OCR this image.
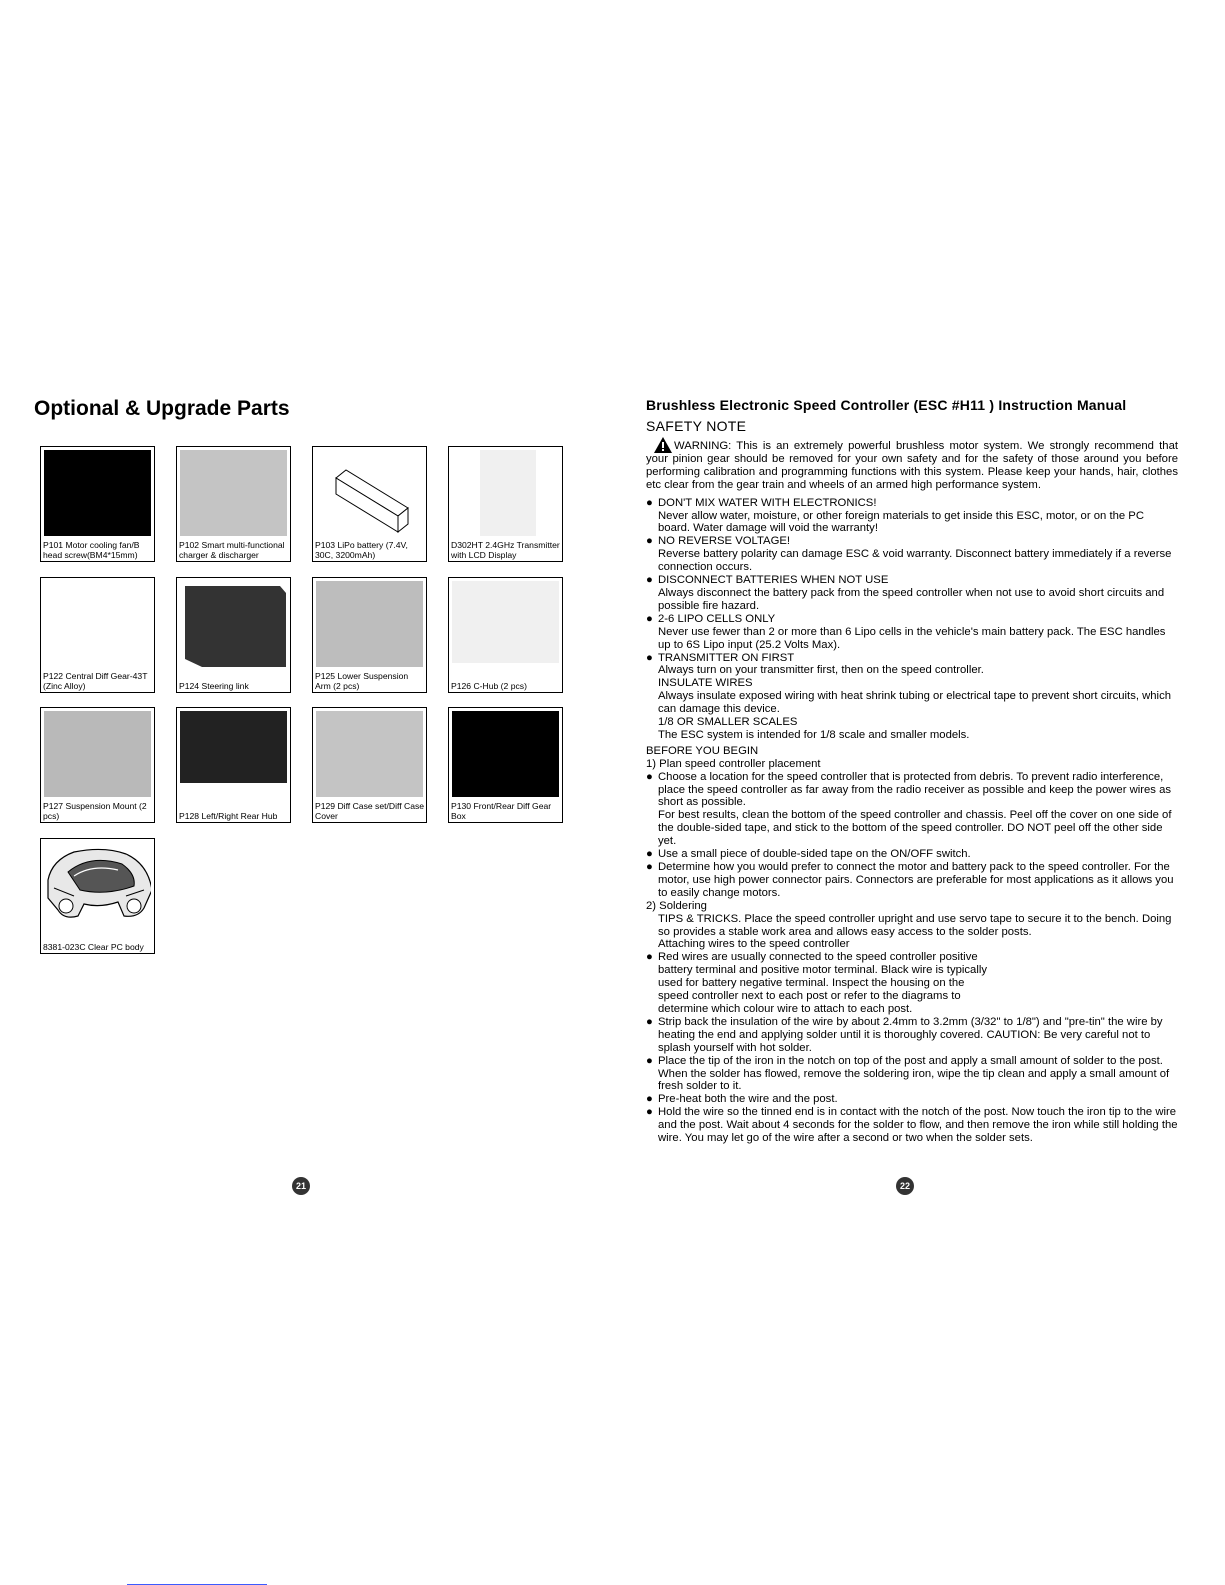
Optional & Upgrade Parts
P101 Motor cooling fan/B head screw(BM4*15mm)
P102 Smart multi-functional charger & discharger
P103 LiPo battery (7.4V, 30C, 3200mAh)
D302HT 2.4GHz Transmitter with LCD Display
P122 Central Diff Gear-43T (Zinc Alloy)	P124 Steering link
P125 Lower Suspension Arm (2 pcs)	P126 C-Hub (2 pcs)
P127 Suspension Mount (2 pcs)	P128 Left/Right Rear Hub
P129 Diff Case set/Diff Case Cover
P130 Front/Rear Diff Gear Box
8381-023C Clear PC body
21
Brushless Electronic Speed Controller (ESC #H11 ) Instruction Manual
SAFETY NOTE

WARNING: This is an extremely powerful brushless motor system. We strongly recommend that your pinion gear should be removed for your own safety and for the safety of those around you before performing calibration and programming functions with this system. Please keep your hands, hair, clothes etc clear from the gear train and wheels of an armed high performance system.

● DON'T MIX WATER WITH ELECTRONICS!
Never allow water, moisture, or other foreign materials to get inside this ESC, motor, or on the PC board. Water damage will void the warranty!
● NO REVERSE VOLTAGE!
Reverse battery polarity can damage ESC & void warranty. Disconnect battery immediately if a reverse connection occurs.
● DISCONNECT BATTERIES WHEN NOT USE
Always disconnect the battery pack from the speed controller when not use to avoid short circuits and possible fire hazard.
● 2-6 LIPO CELLS ONLY
Never use fewer than 2 or more than 6 Lipo cells in the vehicle's main battery pack. The ESC handles up to 6S Lipo input (25.2 Volts Max).
● TRANSMITTER ON FIRST
Always turn on your transmitter first, then on the speed controller.
INSULATE WIRES
Always insulate exposed wiring with heat shrink tubing or electrical tape to prevent short circuits, which can damage this device.
1/8 OR SMALLER SCALES
The ESC system is intended for 1/8 scale and smaller models.
BEFORE YOU BEGIN
1) Plan speed controller placement
● Choose a location for the speed controller that is protected from debris. To prevent radio interference, place the speed controller as far away from the radio receiver as possible and keep the power wires as short as possible.
For best results, clean the bottom of the speed controller and chassis. Peel off the cover on one side of the double-sided tape, and stick to the bottom of the speed controller. DO NOT peel off the other side yet.
● Use a small piece of double-sided tape on the ON/OFF switch.
● Determine how you would prefer to connect the motor and battery pack to the speed controller. For the motor, use high power connector pairs. Connectors are preferable for most applications as it allows you to easily change motors.
2) Soldering
TIPS & TRICKS. Place the speed controller upright and use servo tape to secure it to the bench. Doing so provides a stable work area and allows easy access to the solder posts.
Attaching wires to the speed controller
● Red wires are usually connected to the speed controller positive battery terminal and positive motor terminal. Black wire is typically used for battery negative terminal. Inspect the housing on the speed controller next to each post or refer to the diagrams to determine which colour wire to attach to each post.
● Strip back the insulation of the wire by about 2.4mm to 3.2mm (3/32" to 1/8") and "pre-tin" the wire by heating the end and applying solder until it is thoroughly covered. CAUTION: Be very careful not to splash yourself with hot solder.
● Place the tip of the iron in the notch on top of the post and apply a small amount of solder to the post. When the solder has flowed, remove the soldering iron, wipe the tip clean and apply a small amount of fresh solder to it.
● Pre-heat both the wire and the post.
● Hold the wire so the tinned end is in contact with the notch of the post. Now touch the iron tip to the wire and the post. Wait about 4 seconds for the solder to flow, and then remove the iron while still holding the wire. You may let go of the wire after a second or two when the solder sets.
22
